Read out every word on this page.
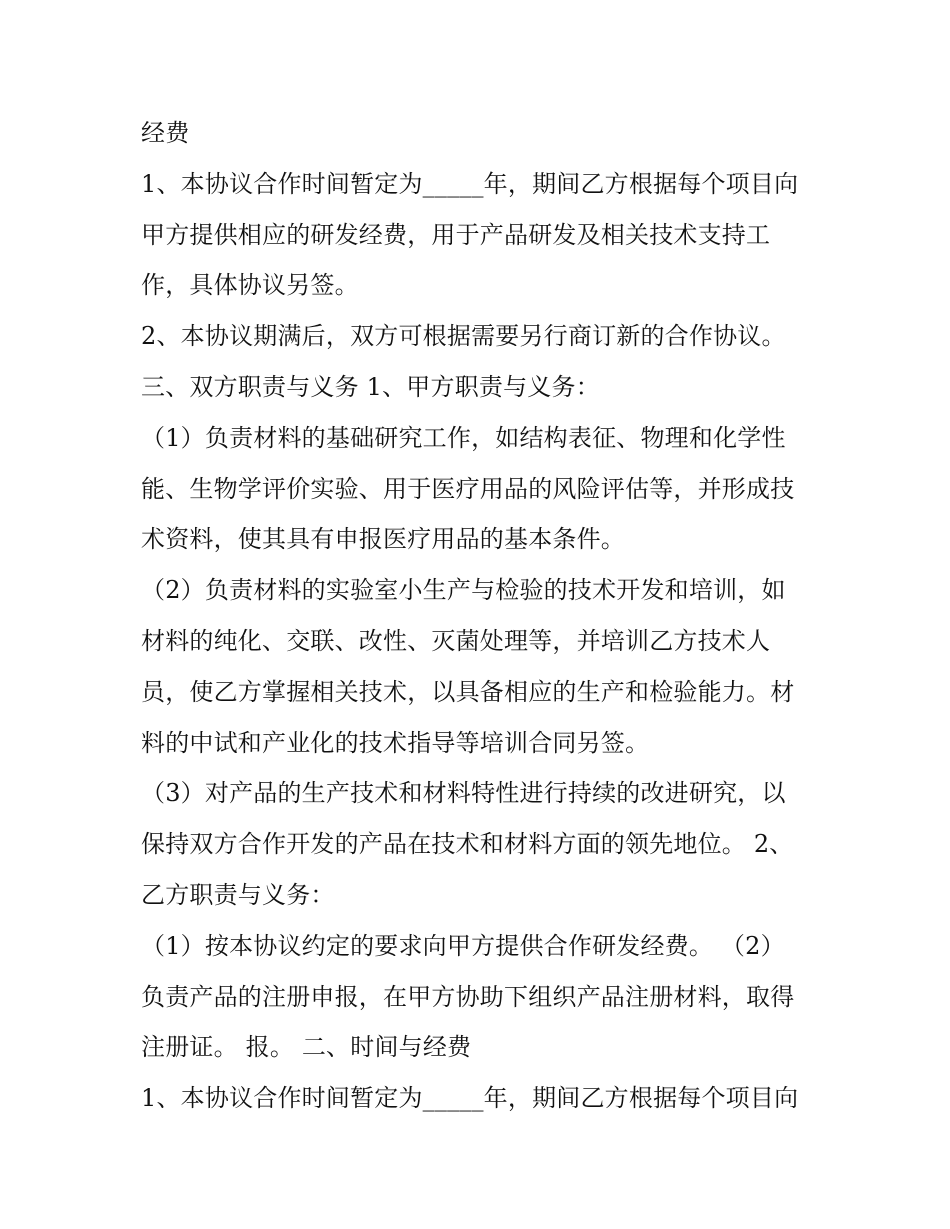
经费
1、本协议合作时间暂定为_____年，期间乙方根据每个项目向
甲方提供相应的研发经费，用于产品研发及相关技术支持工
作，具体协议另签。
2、本协议期满后，双方可根据需要另行商订新的合作协议。
三、双方职责与义务 1、甲方职责与义务：
（1）负责材料的基础研究工作，如结构表征、物理和化学性
能、生物学评价实验、用于医疗用品的风险评估等，并形成技
术资料，使其具有申报医疗用品的基本条件。
（2）负责材料的实验室小生产与检验的技术开发和培训，如
材料的纯化、交联、改性、灭菌处理等，并培训乙方技术人
员，使乙方掌握相关技术，以具备相应的生产和检验能力。材
料的中试和产业化的技术指导等培训合同另签。
（3）对产品的生产技术和材料特性进行持续的改进研究，以
保持双方合作开发的产品在技术和材料方面的领先地位。 2、
乙方职责与义务：
（1）按本协议约定的要求向甲方提供合作研发经费。 （2）
负责产品的注册申报，在甲方协助下组织产品注册材料，取得
注册证。 报。 二、时间与经费
1、本协议合作时间暂定为_____年，期间乙方根据每个项目向
